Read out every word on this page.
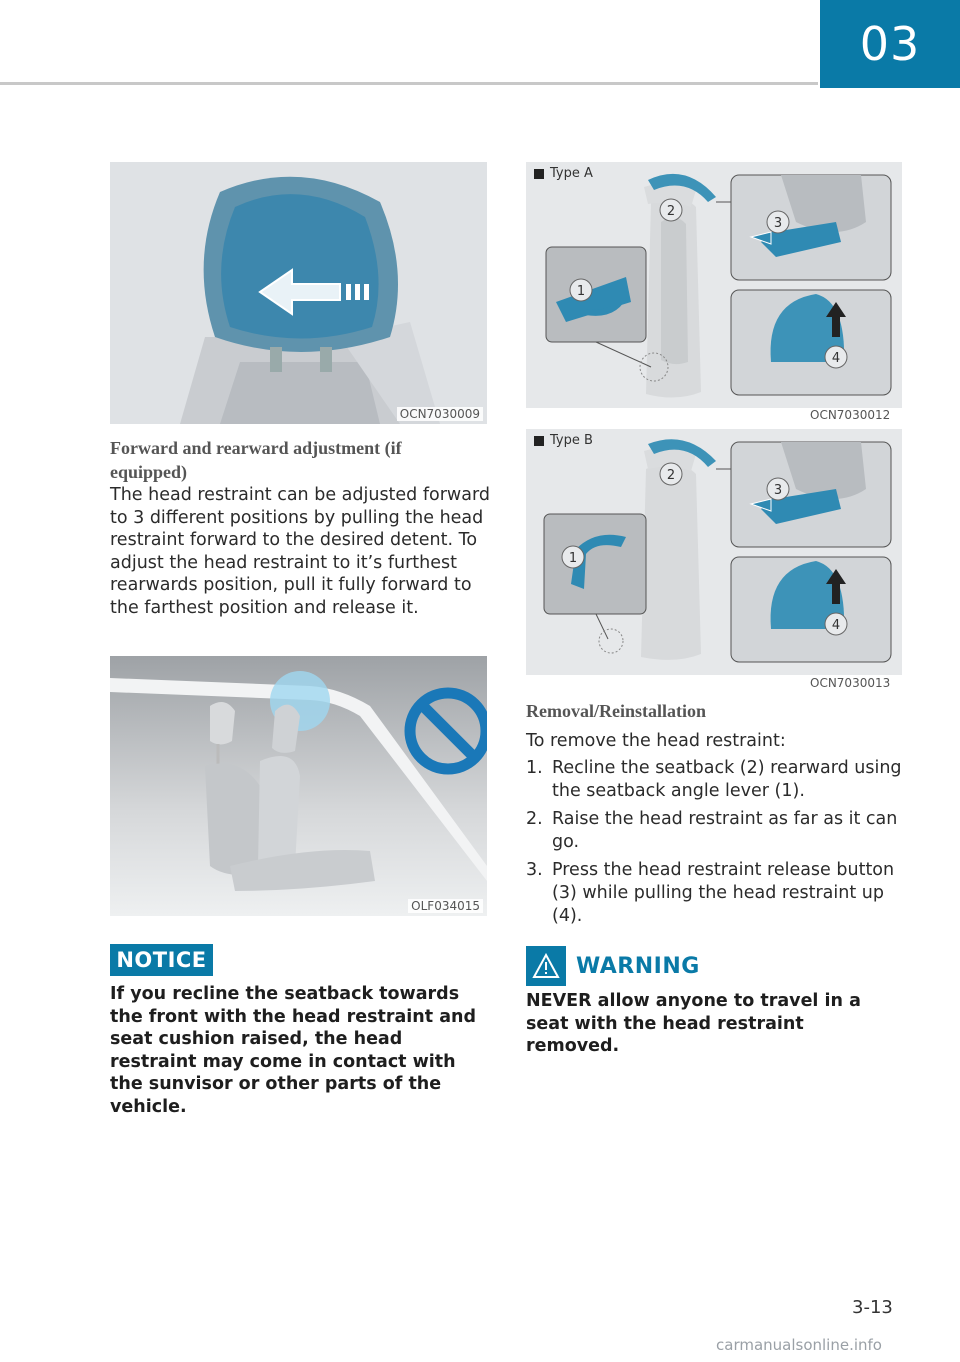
03
OCN7030009
Forward and rearward adjustment (if
equipped)
The head restraint can be adjusted forward to 3 different positions by pulling the head restraint forward to the desired detent. To adjust the head restraint to it’s furthest rearwards position, pull it fully forward to the farthest position and release it.
OLF034015
NOTICE
If you recline the seatback towards the front with the head restraint and seat cushion raised, the head restraint may come in contact with the sunvisor or other parts of the vehicle.
2
3
4
1
Type A
OCN7030012
2
3
4
1
Type B
OCN7030013
Removal/Reinstallation
To remove the head restraint:
1. Recline the seatback (2) rearward using the seatback angle lever (1).
2. Raise the head restraint as far as it can go.
3. Press the head restraint release button (3) while pulling the head restraint up (4).
WARNING
NEVER allow anyone to travel in a seat with the head restraint removed.
3-13
carmanualsonline.info
